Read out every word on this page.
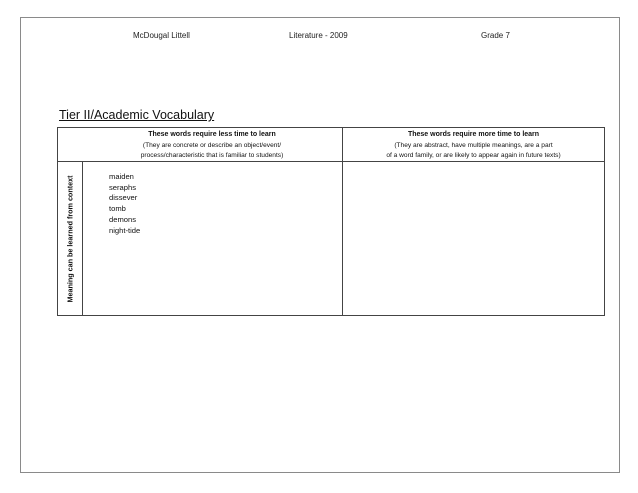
McDougal Littell	Literature - 2009	Grade 7
Tier II/Academic Vocabulary
These words require less time to learn
(They are concrete or describe an object/event/
process/characteristic that is familiar to students)
These words require more time to learn
(They are abstract, have multiple meanings, are a part
of a word family, or are likely to appear again in future texts)
Meaning can be learned from context	maiden
seraphs
dissever
tomb
demons
night-tide
